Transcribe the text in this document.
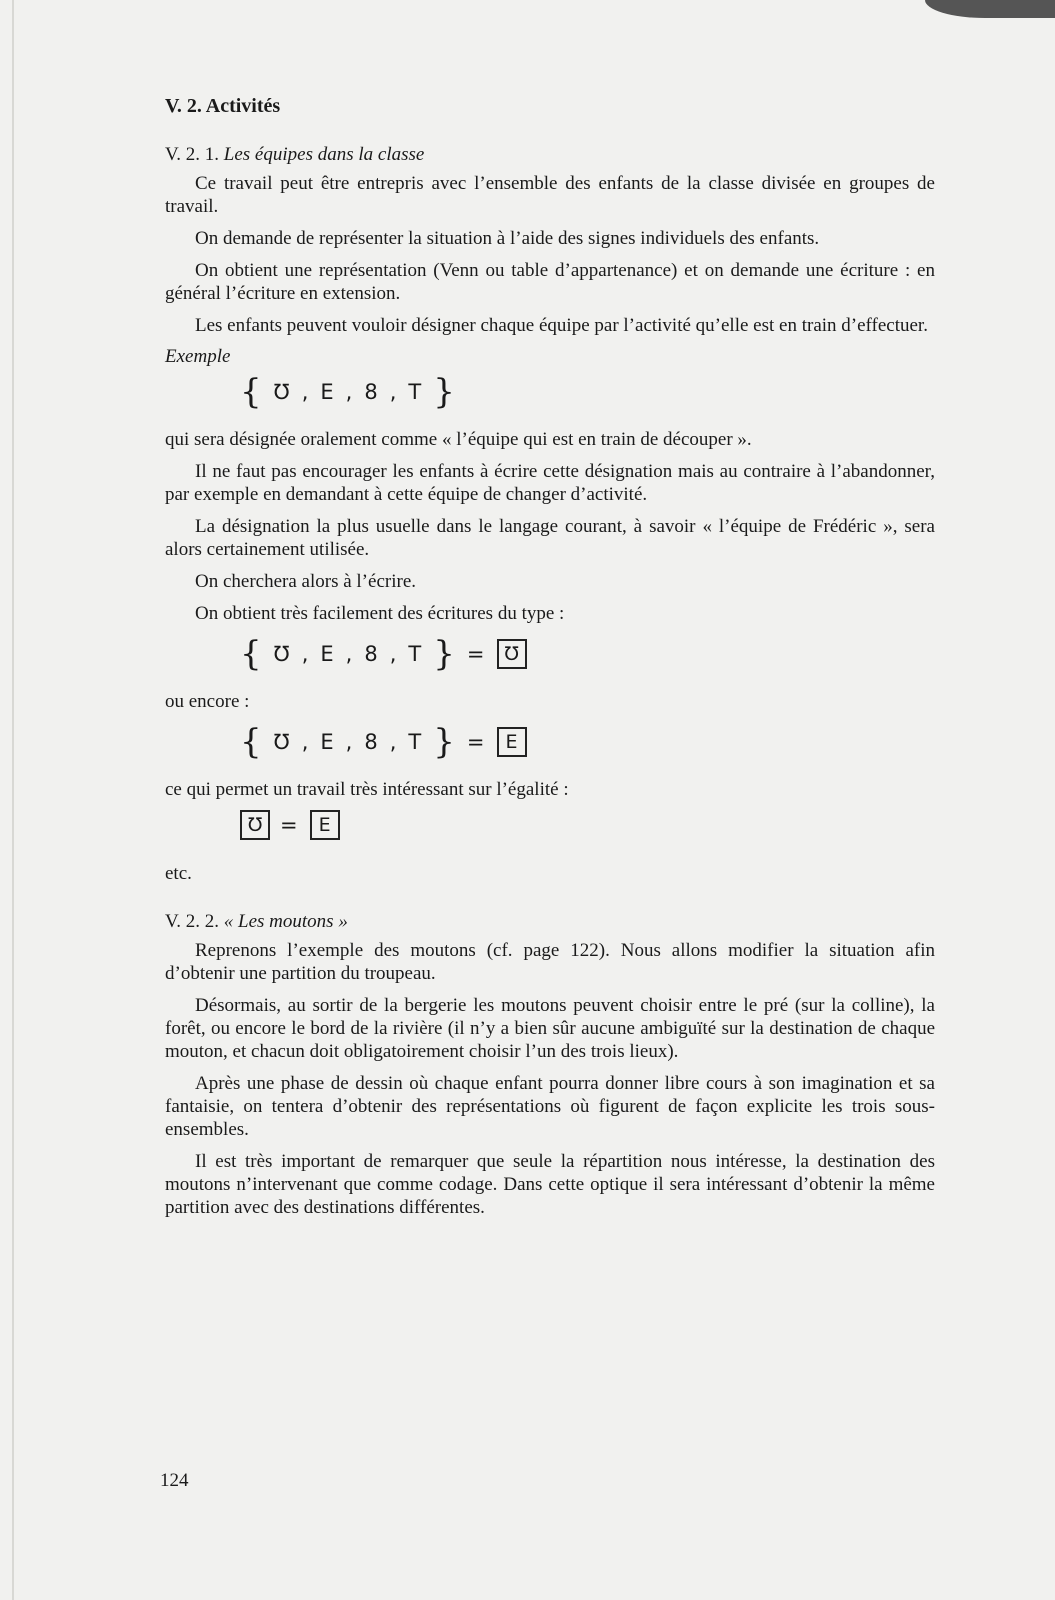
V. 2. Activités
V. 2. 1. Les équipes dans la classe

Ce travail peut être entrepris avec l’ensemble des enfants de la classe divisée en groupes de travail.

On demande de représenter la situation à l’aide des signes individuels des enfants.

On obtient une représentation (Venn ou table d’appartenance) et on demande une écriture : en général l’écriture en extension.

Les enfants peuvent vouloir désigner chaque équipe par l’activité qu’elle est en train d’effectuer.

Exemple
{ ℧ , E , 8 , T }

qui sera désignée oralement comme « l’équipe qui est en train de découper ».

Il ne faut pas encourager les enfants à écrire cette désignation mais au contraire à l’abandonner, par exemple en demandant à cette équipe de changer d’activité.

La désignation la plus usuelle dans le langage courant, à savoir « l’équipe de Frédéric », sera alors certainement utilisée.

On cherchera alors à l’écrire.

On obtient très facilement des écritures du type :

{ ℧ , E , 8 , T } = ℧

ou encore :

{ ℧ , E , 8 , T } = E

ce qui permet un travail très intéressant sur l’égalité :

℧ = E

etc.

V. 2. 2. « Les moutons »

Reprenons l’exemple des moutons (cf. page 122). Nous allons modifier la situation afin d’obtenir une partition du troupeau.

Désormais, au sortir de la bergerie les moutons peuvent choisir entre le pré (sur la colline), la forêt, ou encore le bord de la rivière (il n’y a bien sûr aucune ambiguïté sur la destination de chaque mouton, et chacun doit obligatoirement choisir l’un des trois lieux).

Après une phase de dessin où chaque enfant pourra donner libre cours à son imagination et sa fantaisie, on tentera d’obtenir des représentations où figurent de façon explicite les trois sous-ensembles.

Il est très important de remarquer que seule la répartition nous intéresse, la destination des moutons n’intervenant que comme codage. Dans cette optique il sera intéressant d’obtenir la même partition avec des destinations différentes.

124
